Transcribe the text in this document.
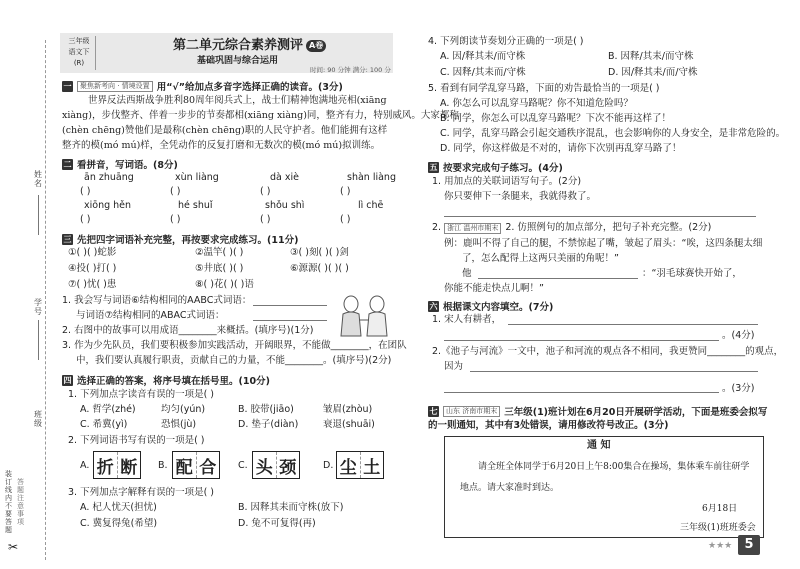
姓名
学号
班级
装订线内不要答题
答题注意事项
✂
三年级
语文下
(R)
第二单元综合素养测评 A卷
基础巩固与综合运用
时间: 90 分钟 满分: 100 分
一	聚焦新考向 · 情境设置 用“√”给加点多音字选择正确的读音。(3分)
世界反法西斯战争胜利80周年阅兵式上，战士们精神饱满地亮相(xiāng
xiàng)，步伐整齐、伴着一步步的节奏都相(xiāng xiàng)同，整齐有力，特别威风。大家都称
(chèn chēng)赞他们是最称(chèn chēng)职的人民守护者。他们能拥有这样
整齐的模(mó mú)样，全凭动作的反复打磨和无数次的模(mó mú)拟训练。
二 看拼音，写词语。(8分)
ān zhuāng	xùn liàng	dà xiè	shàn liàng
( )	( )	( )	( )
xiōng hěn	hé shuǐ	shǒu shì	lì chē
( )	( )	( )	( )
三 先把四字词语补充完整，再按要求完成练习。(11分)
①( )( )蛇影	②温竿( )( )	③( )刻( )( )剑
④投( )打( )	⑤井底( )( )	⑥源源( )( )( )
⑦( )忧( )患	⑧( )花( )( )语
1. 我会写与词语⑥结构相同的AABC式词语：
与词语⑦结构相同的ABAC式词语：
2. 右图中的故事可以用成语________来概括。(填序号)(1分)
3. 作为少先队员，我们要积极参加实践活动，开阔眼界，不能做________，在团队
中，我们要认真履行职责，贡献自己的力量，不能________。(填序号)(2分)
四 选择正确的答案，将序号填在括号里。(10分)
1. 下列加点字读音有误的一项是( )
A. 哲学(zhé)	均匀(yún)	B. 胶带(jiāo)	皱眉(zhòu)
C. 希冀(yì)	恐惧(jù)	D. 垫子(diàn)	衰退(shuāi)
2. 下列词语书写有误的一项是( )
A. 折 断 B. 配 合 C. 头 颈	D. 尘 土
3. 下列加点字解释有误的一项是( )
A. 杞人忧天(担忧)	B. 因释其耒而守株(放下)
C. 冀复得兔(希望)	D. 兔不可复得(再)
4. 下列朗读节奏划分正确的一项是( )
A. 因/释其耒/而守株	B. 因释/其耒/而守株
C. 因释/其耒而/守株	D. 因/释其耒/而/守株
5. 看到有同学乱穿马路，下面的劝告最恰当的一项是( )
A. 你怎么可以乱穿马路呢？你不知道危险吗？
B. 同学，你怎么可以乱穿马路呢？下次不能再这样了！
C. 同学，乱穿马路会引起交通秩序混乱，也会影响你的人身安全，是非常危险的。
D. 同学，你这样做是不对的，请你下次别再乱穿马路了！
五 按要求完成句子练习。(4分)
1. 用加点的关联词语写句子。(2分)
你只要伸下一条腿来，我就得救了。
2. 浙江 温州市期末 2. 仿照例句的加点部分，把句子补充完整。(2分)
例：鹿叫不得了自己的腿，不禁惊起了嘴，皱起了眉头：“唉，这四条腿太细
了，怎么配得上这两只美丽的角呢！”
他	：“羽毛球赛快开始了，
你能不能走快点儿啊！”
六 根据课文内容填空。(7分)
1. 宋人有耕者，
。(4分)
2.《池子与河流》一文中，池子和河流的观点各不相同，我更赞同________的观点，
因为
。(3分)
七	山东 济南市期末 三年级(1)班计划在6月20日开展研学活动，下面是班委会拟写
的一则通知，其中有3处错误，请用修改符号改正。(3分)
通 知
请全班全体同学于6月20日上午8:00集合在操场，集体乘车前往研学
地点。请大家准时到达。
6月18日
三年级(1)班班委会
★★★ 5
